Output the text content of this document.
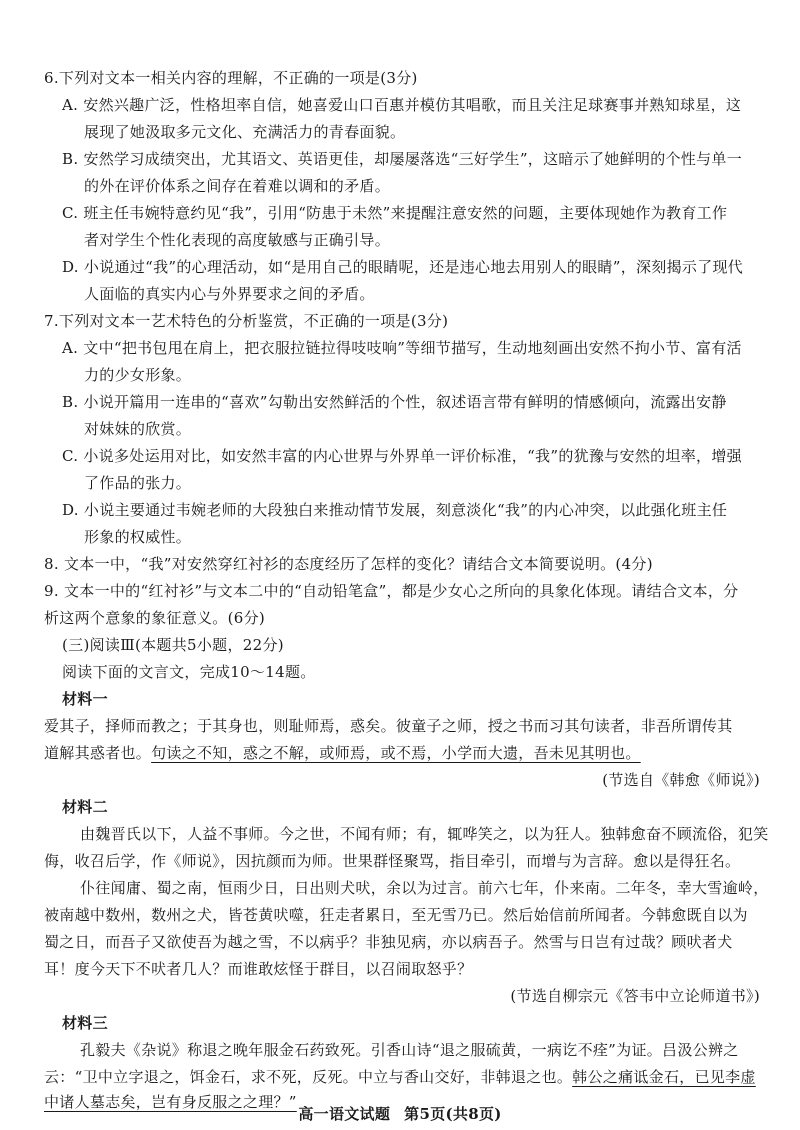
6.下列对文本一相关内容的理解，不正确的一项是(3分)
A. 安然兴趣广泛，性格坦率自信，她喜爱山口百惠并模仿其唱歌，而且关注足球赛事并熟知球星，这
展现了她汲取多元文化、充满活力的青春面貌。
B. 安然学习成绩突出，尤其语文、英语更佳，却屡屡落选“三好学生”，这暗示了她鲜明的个性与单一
的外在评价体系之间存在着难以调和的矛盾。
C. 班主任韦婉特意约见“我”，引用“防患于未然”来提醒注意安然的问题，主要体现她作为教育工作
者对学生个性化表现的高度敏感与正确引导。
D. 小说通过“我”的心理活动，如“是用自己的眼睛呢，还是违心地去用别人的眼睛”，深刻揭示了现代
人面临的真实内心与外界要求之间的矛盾。
7.下列对文本一艺术特色的分析鉴赏，不正确的一项是(3分)
A. 文中“把书包甩在肩上，把衣服拉链拉得吱吱响”等细节描写，生动地刻画出安然不拘小节、富有活
力的少女形象。
B. 小说开篇用一连串的“喜欢”勾勒出安然鲜活的个性，叙述语言带有鲜明的情感倾向，流露出安静
对妹妹的欣赏。
C. 小说多处运用对比，如安然丰富的内心世界与外界单一评价标准，“我”的犹豫与安然的坦率，增强
了作品的张力。
D. 小说主要通过韦婉老师的大段独白来推动情节发展，刻意淡化“我”的内心冲突，以此强化班主任
形象的权威性。
8. 文本一中，“我”对安然穿红衬衫的态度经历了怎样的变化？请结合文本简要说明。(4分)
9. 文本一中的“红衬衫”与文本二中的“自动铅笔盒”，都是少女心之所向的具象化体现。请结合文本，分
析这两个意象的象征意义。(6分)
(三)阅读Ⅲ(本题共5小题，22分)
阅读下面的文言文，完成10～14题。
材料一
爱其子，择师而教之；于其身也，则耻师焉，惑矣。彼童子之师，授之书而习其句读者，非吾所谓传其
道解其惑者也。句读之不知，惑之不解，或师焉，或不焉，小学而大遗，吾未见其明也。
(节选自《韩愈《师说》)
材料二
由魏晋氏以下，人益不事师。今之世，不闻有师；有，辄哗笑之，以为狂人。独韩愈奋不顾流俗，犯笑
侮，收召后学，作《师说》，因抗颜而为师。世果群怪聚骂，指目牵引，而增与为言辞。愈以是得狂名。
仆往闻庸、蜀之南，恒雨少日，日出则犬吠，余以为过言。前六七年，仆来南。二年冬，幸大雪逾岭，
被南越中数州，数州之犬，皆苍黄吠噬，狂走者累日，至无雪乃已。然后始信前所闻者。今韩愈既自以为
蜀之日，而吾子又欲使吾为越之雪，不以病乎？非独见病，亦以病吾子。然雪与日岂有过哉？顾吠者犬
耳！度今天下不吠者几人？而谁敢炫怪于群目，以召闹取怒乎？
(节选自柳宗元《答韦中立论师道书》)
材料三
孔毅夫《杂说》称退之晚年服金石药致死。引香山诗“退之服硫黄，一病讫不痊”为证。吕汲公辨之
云：“卫中立字退之，饵金石，求不死，反死。中立与香山交好，非韩退之也。韩公之痛诋金石，已见李虚
中诸人墓志矣，岂有身反服之之理？”
高一语文试题 第5页(共8页)
